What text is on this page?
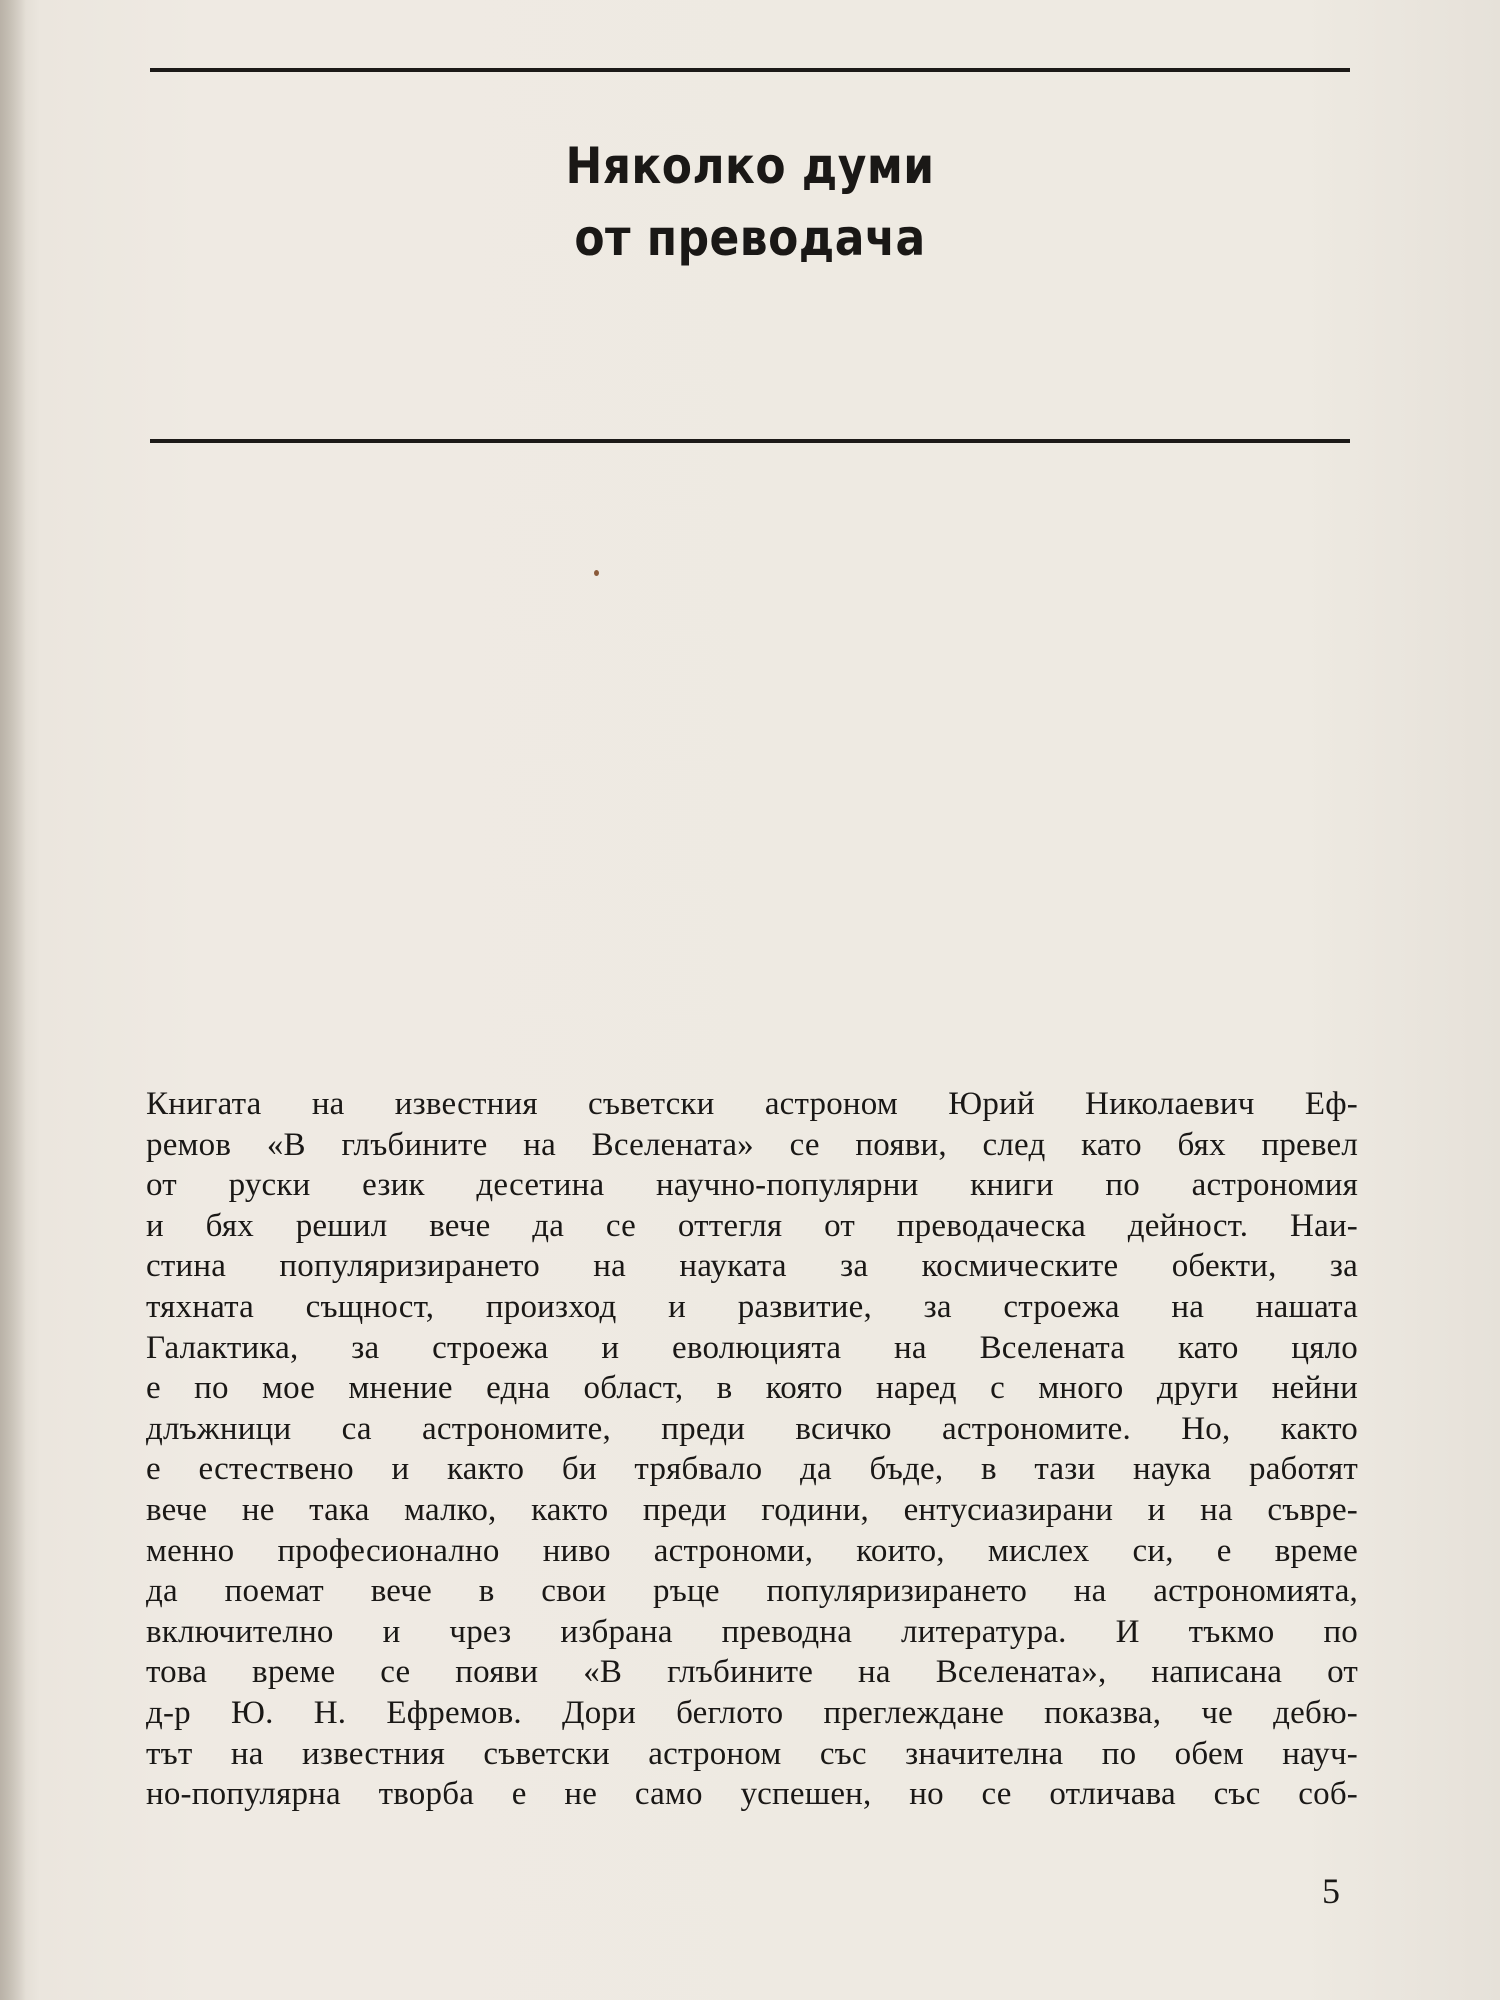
Няколко думи
от преводача
Книгата на известния съветски астроном Юрий Николаевич Еф-
ремов «В глъбините на Вселената» се появи, след като бях превел
от руски език десетина научно-популярни книги по астрономия
и бях решил вече да се оттегля от преводаческа дейност. Наи-
стина популяризирането на науката за космическите обекти, за
тяхната същност, произход и развитие, за строежа на нашата
Галактика, за строежа и еволюцията на Вселената като цяло
е по мое мнение една област, в която наред с много други нейни
длъжници са астрономите, преди всичко астрономите. Но, както
е естествено и както би трябвало да бъде, в тази наука работят
вече не така малко, както преди години, ентусиазирани и на съвре-
менно професионално ниво астрономи, които, мислех си, е време
да поемат вече в свои ръце популяризирането на астрономията,
включително и чрез избрана преводна литература. И тъкмо по
това време се появи «В глъбините на Вселената», написана от
д-р Ю. Н. Ефремов. Дори беглото преглеждане показва, че дебю-
тът на известния съветски астроном със значителна по обем науч-
но-популярна творба е не само успешен, но се отличава със соб-
5
